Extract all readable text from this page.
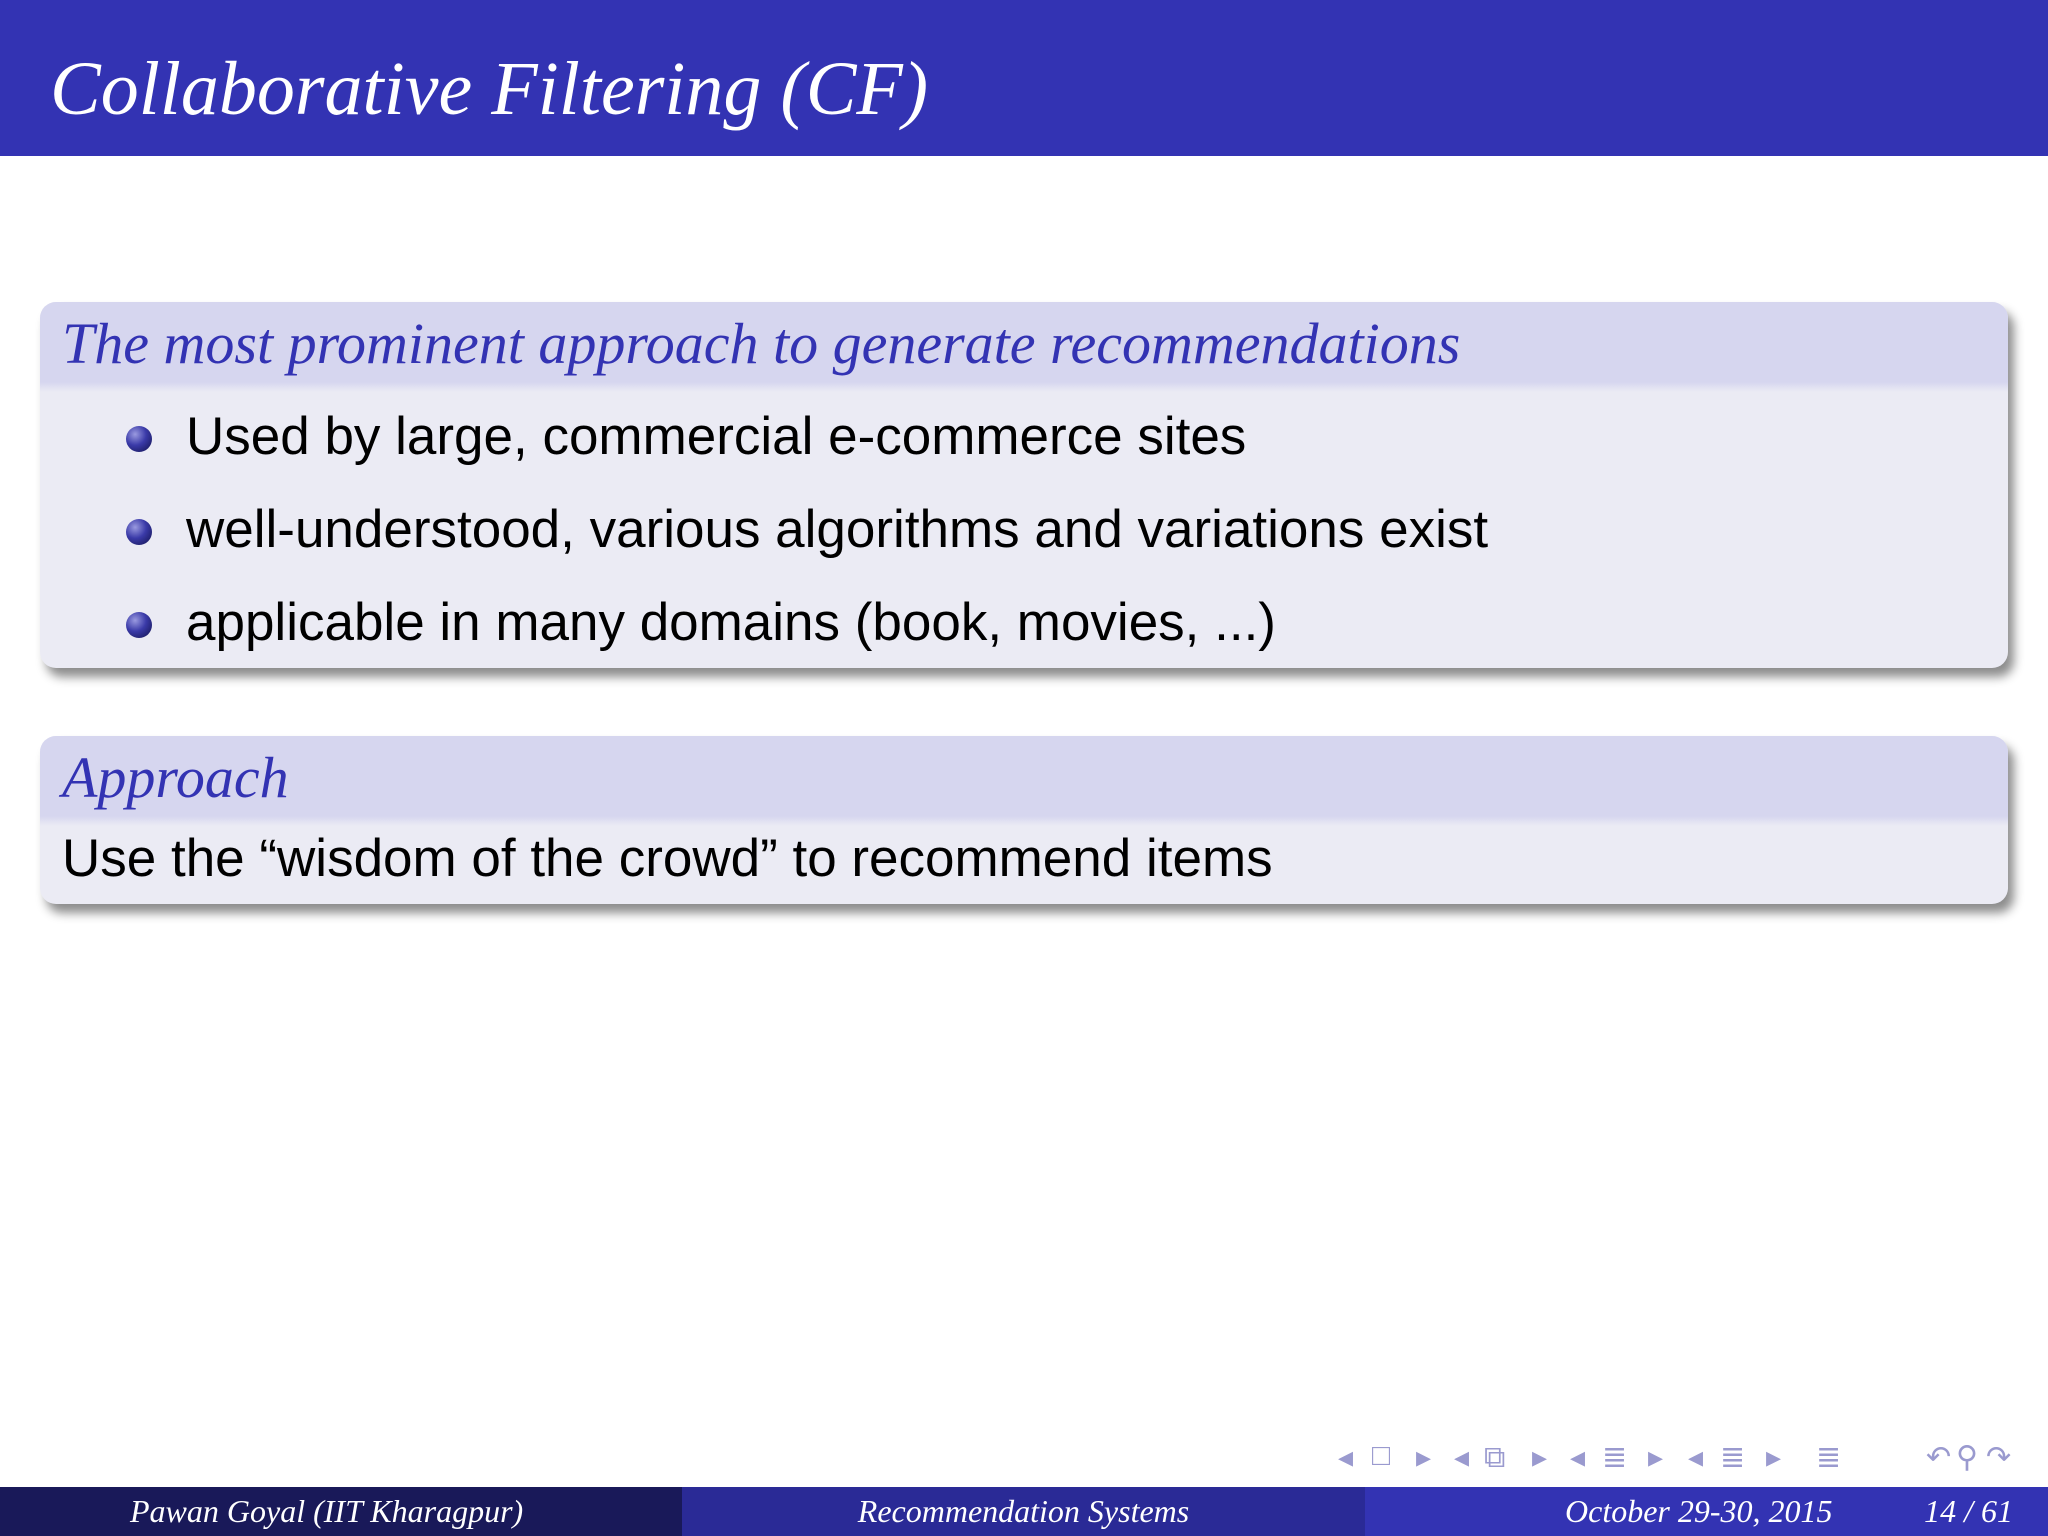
Collaborative Filtering (CF)
The most prominent approach to generate recommendations
Used by large, commercial e-commerce sites
well-understood, various algorithms and variations exist
applicable in many domains (book, movies, ...)
Approach
Use the “wisdom of the crowd” to recommend items
◂ □ ▸ ◂ ⧉ ▸ ◂ ≣ ▸ ◂ ≣ ▸ ≣	↶ ⚲ ↷
Pawan Goyal (IIT Kharagpur)	Recommendation Systems	October 29-30, 2015	14 / 61
